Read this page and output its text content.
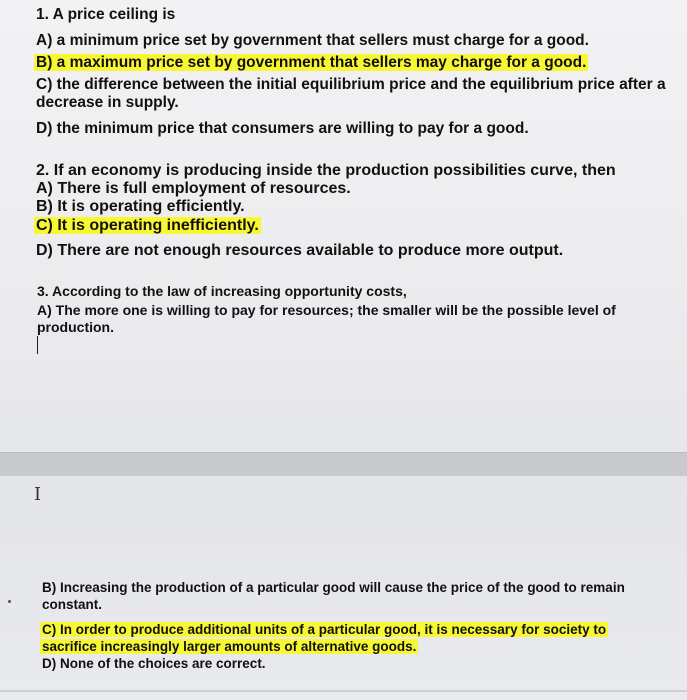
1. A price ceiling is
A) a minimum price set by government that sellers must charge for a good.
B) a maximum price set by government that sellers may charge for a good.
C) the difference between the initial equilibrium price and the equilibrium price after a
decrease in supply.
D) the minimum price that consumers are willing to pay for a good.
2. If an economy is producing inside the production possibilities curve, then
A) There is full employment of resources.
B) It is operating efficiently.
C) It is operating inefficiently.
D) There are not enough resources available to produce more output.
3. According to the law of increasing opportunity costs,
A) The more one is willing to pay for resources; the smaller will be the possible level of
production.
I
B) Increasing the production of a particular good will cause the price of the good to remain
constant.
C) In order to produce additional units of a particular good, it is necessary for society to
sacrifice increasingly larger amounts of alternative goods.
D) None of the choices are correct.
